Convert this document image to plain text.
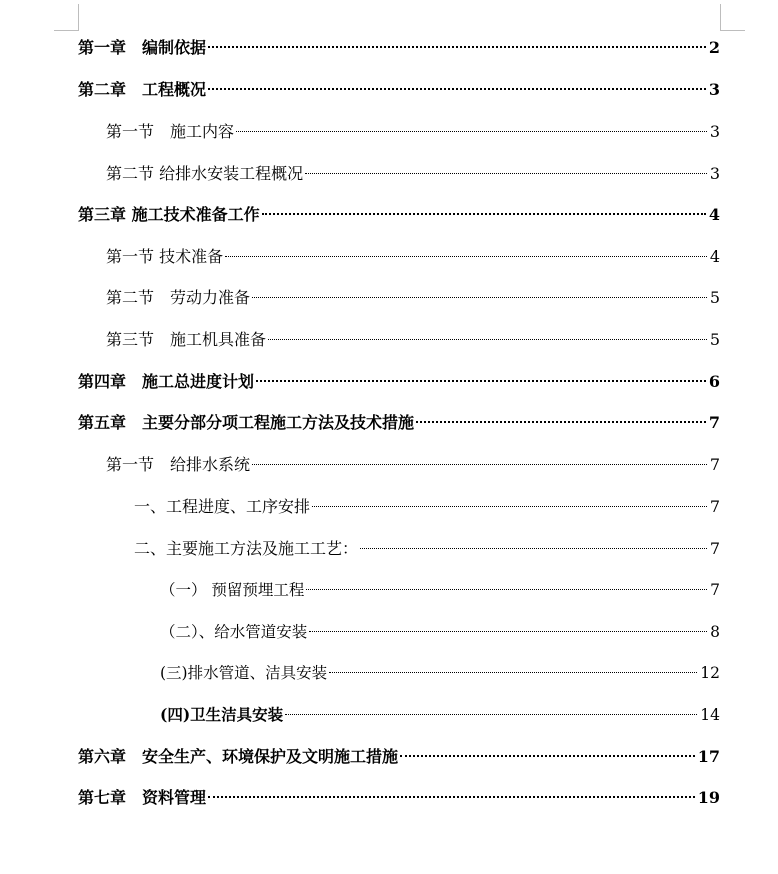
第一章　编制依据	2
第二章　工程概况	3
第一节　施工内容	3
第二节 给排水安装工程概况	3
第三章 施工技术准备工作	4
第一节 技术准备	4
第二节　劳动力准备	5
第三节　施工机具准备	5
第四章　施工总进度计划	6
第五章　主要分部分项工程施工方法及技术措施	7
第一节　给排水系统	7
一、工程进度、工序安排	7
二、主要施工方法及施工工艺：	7
（一） 预留预埋工程	7
（二）、给水管道安装	8
(三)排水管道、洁具安装	12
(四)卫生洁具安装	14
第六章　安全生产、环境保护及文明施工措施	17
第七章　资料管理	19
